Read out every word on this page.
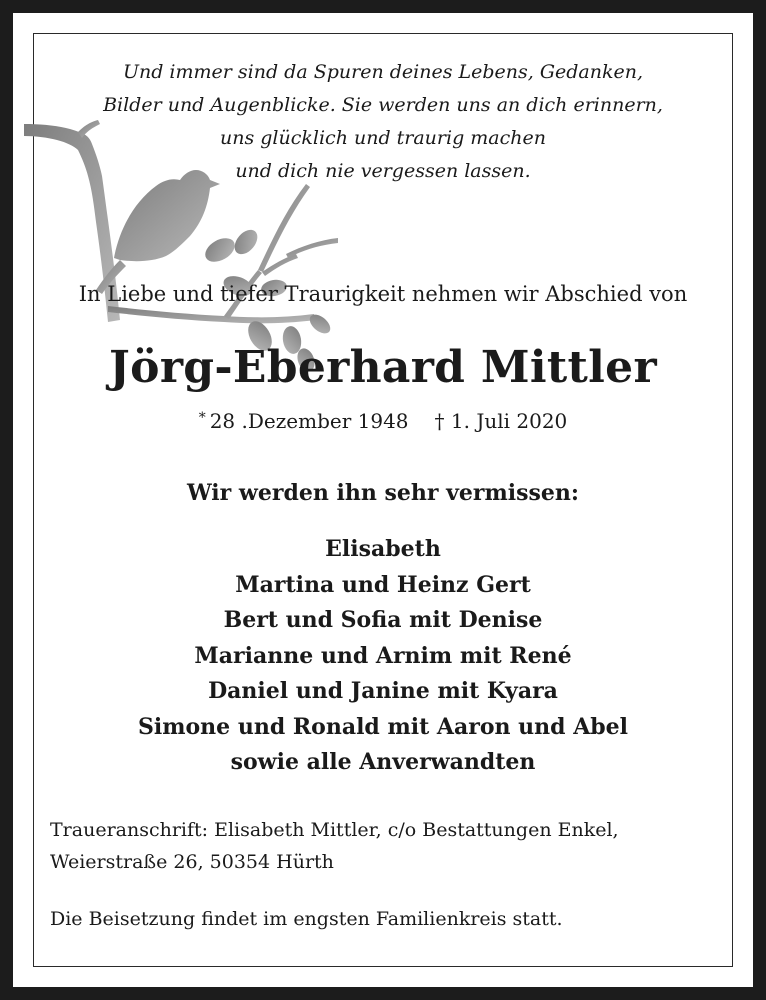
Und immer sind da Spuren deines Lebens, Gedanken,
Bilder und Augenblicke. Sie werden uns an dich erinnern,
uns glücklich und traurig machen
und dich nie vergessen lassen.
In Liebe und tiefer Traurigkeit nehmen wir Abschied von
Jörg-Eberhard Mittler
* 28 .Dezember 1948 † 1. Juli 2020
Wir werden ihn sehr vermissen:
Elisabeth
Martina und Heinz Gert
Bert und Sofia mit Denise
Marianne und Arnim mit René
Daniel und Janine mit Kyara
Simone und Ronald mit Aaron und Abel
sowie alle Anverwandten
Traueranschrift: Elisabeth Mittler, c/o Bestattungen Enkel,
Weierstraße 26, 50354 Hürth
Die Beisetzung findet im engsten Familienkreis statt.
